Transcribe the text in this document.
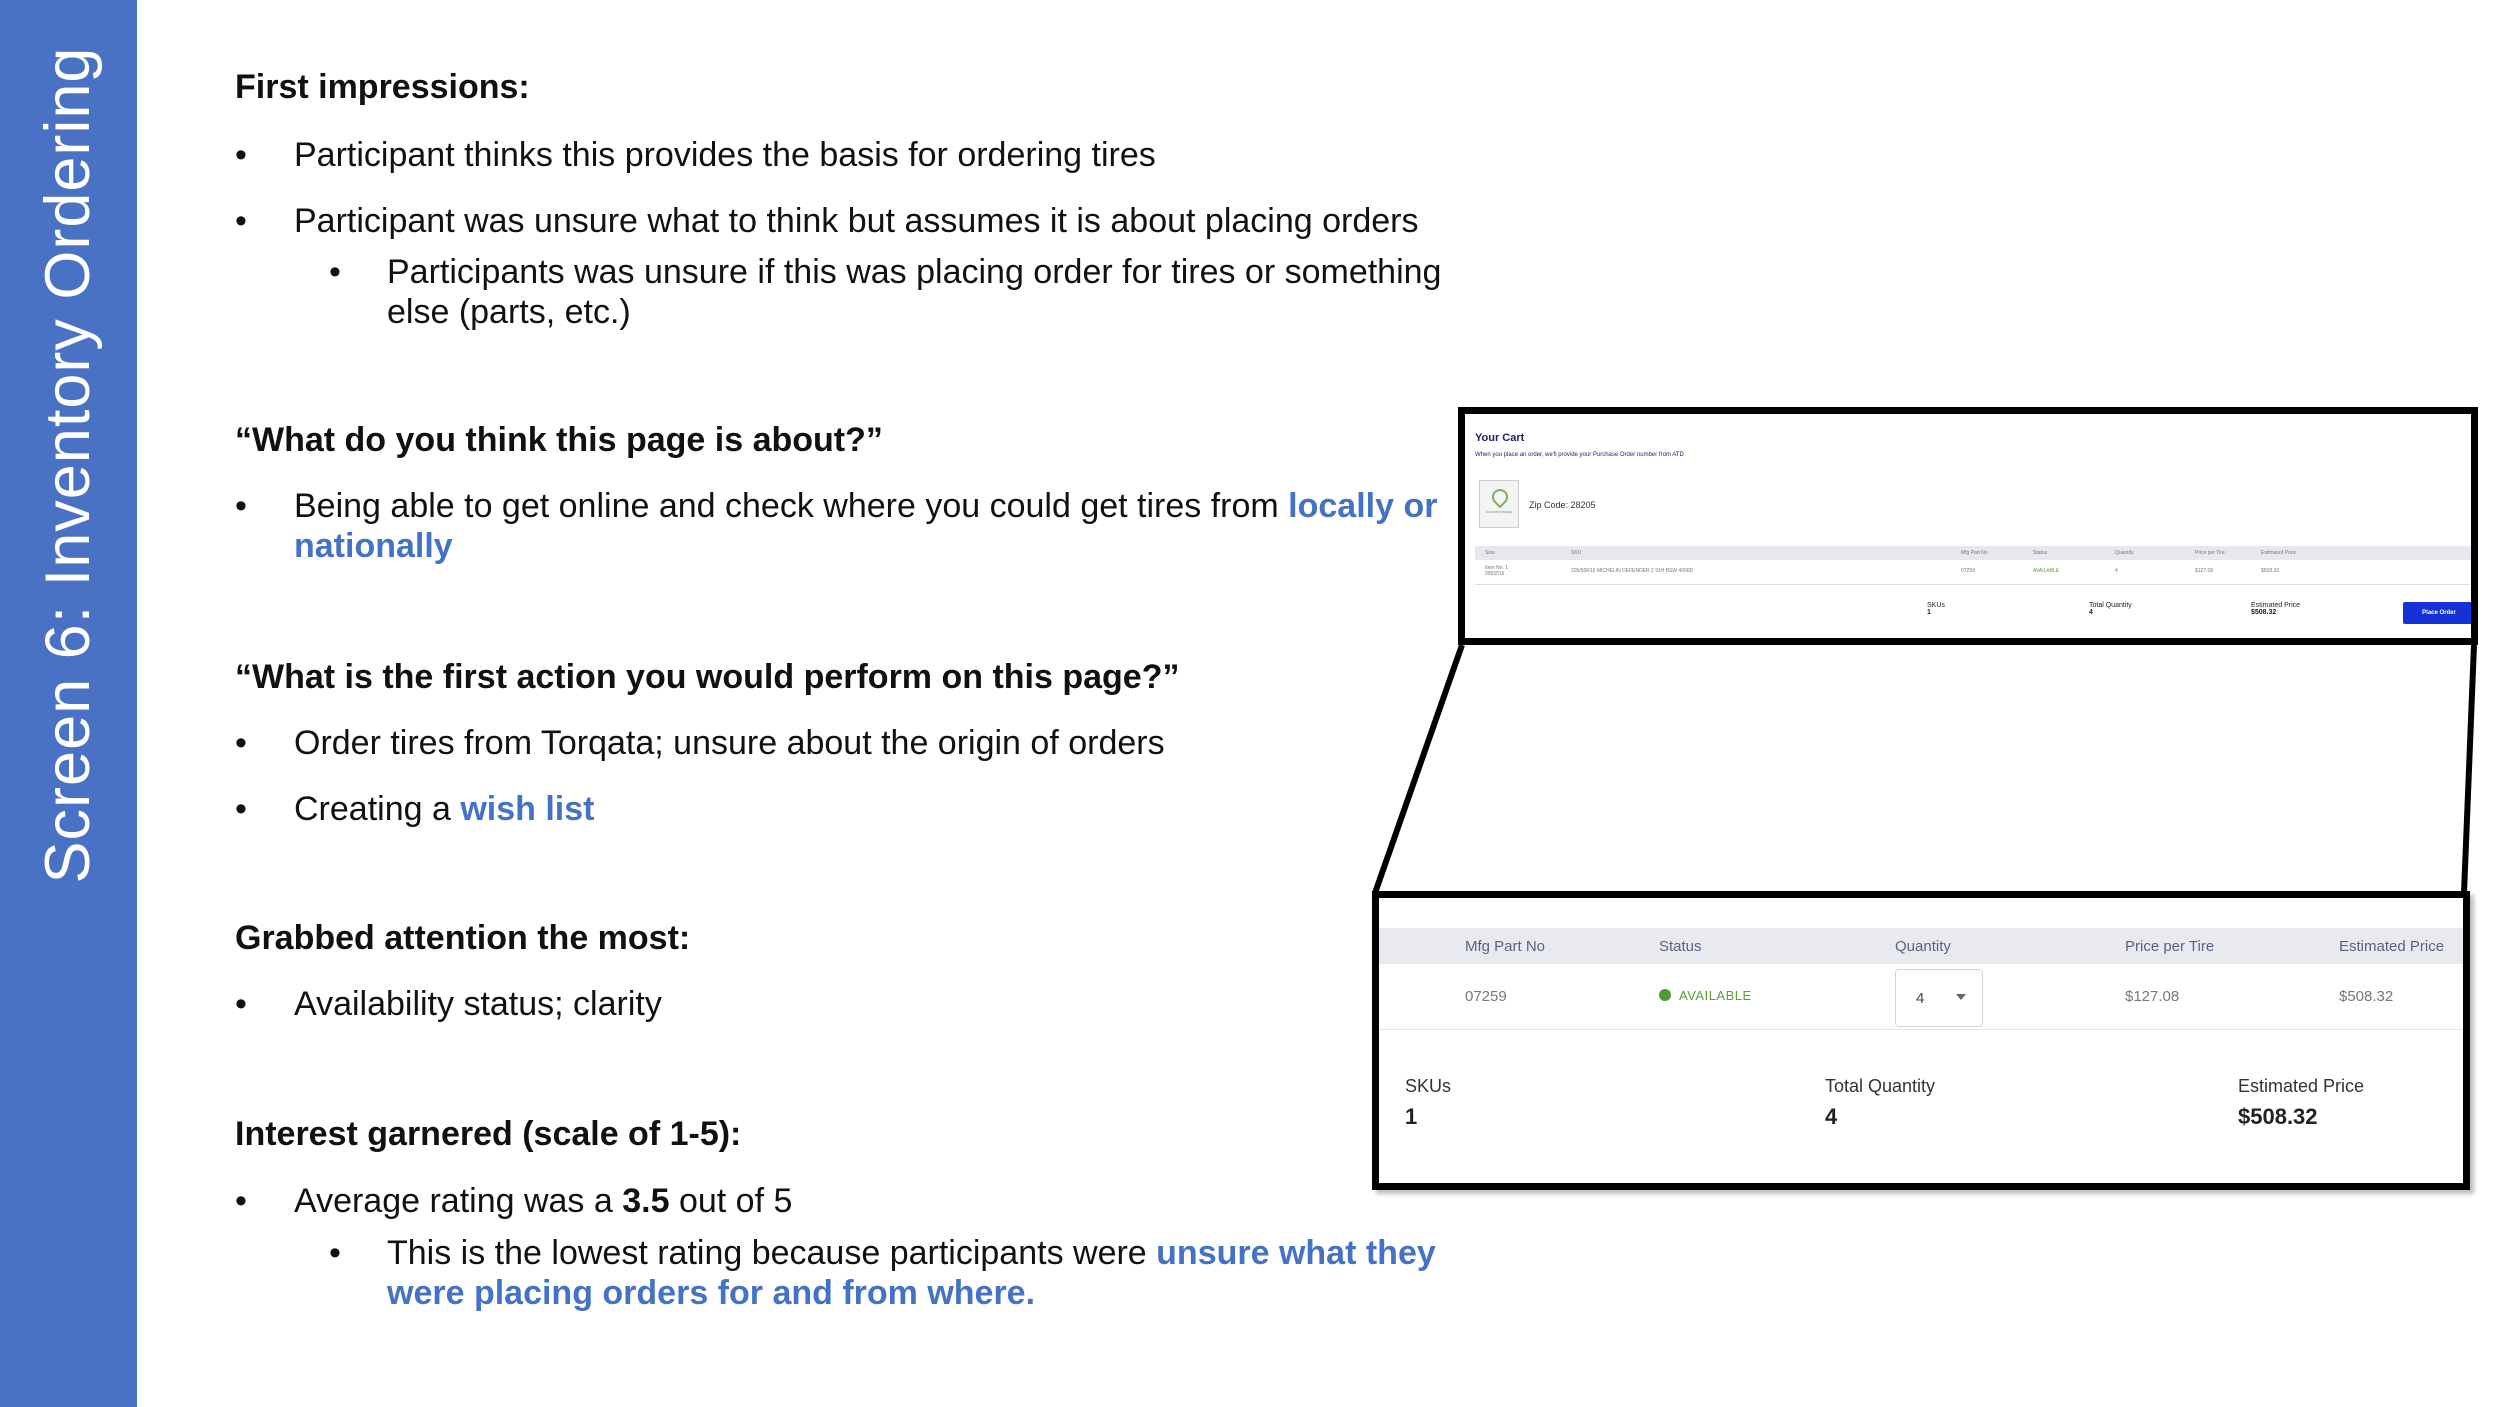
Screen 6: Inventory Ordering	First impressions:
• Participant thinks this provides the basis for ordering tires
• Participant was unsure what to think but assumes it is about placing orders
• Participants was unsure if this was placing order for tires or something else (parts, etc.)
“What do you think this page is about?”
• Being able to get online and check where you could get tires from locally or nationally
“What is the first action you would perform on this page?”
• Order tires from Torqata; unsure about the origin of orders
• Creating a wish list
Grabbed attention the most:
• Availability status; clarity
Interest garnered (scale of 1-5):
• Average rating was a 3.5 out of 5
• This is the lowest rating because participants were unsure what they were placing orders for and from where.
Your Cart
When you place an order, we'll provide your Purchase Order number from ATD
In-store pickup
Zip Code: 28205
Size	SKU	Mfg Part No	Status	Quantity	Price per Tire	Estimated Price
Item No. 1 2055516	205/55R16 MICHELIN DEFENDER 2 91H BSW 4000D	07259	AVAILABLE	4	$127.08	$508.32
SKUs
1
Total Quantity
4
Estimated Price
$508.32	Place Order
Mfg Part No	Status	Quantity	Price per Tire	Estimated Price
07259	AVAILABLE	4	$127.08	$508.32
SKUs
1
Total Quantity
4
Estimated Price
$508.32
